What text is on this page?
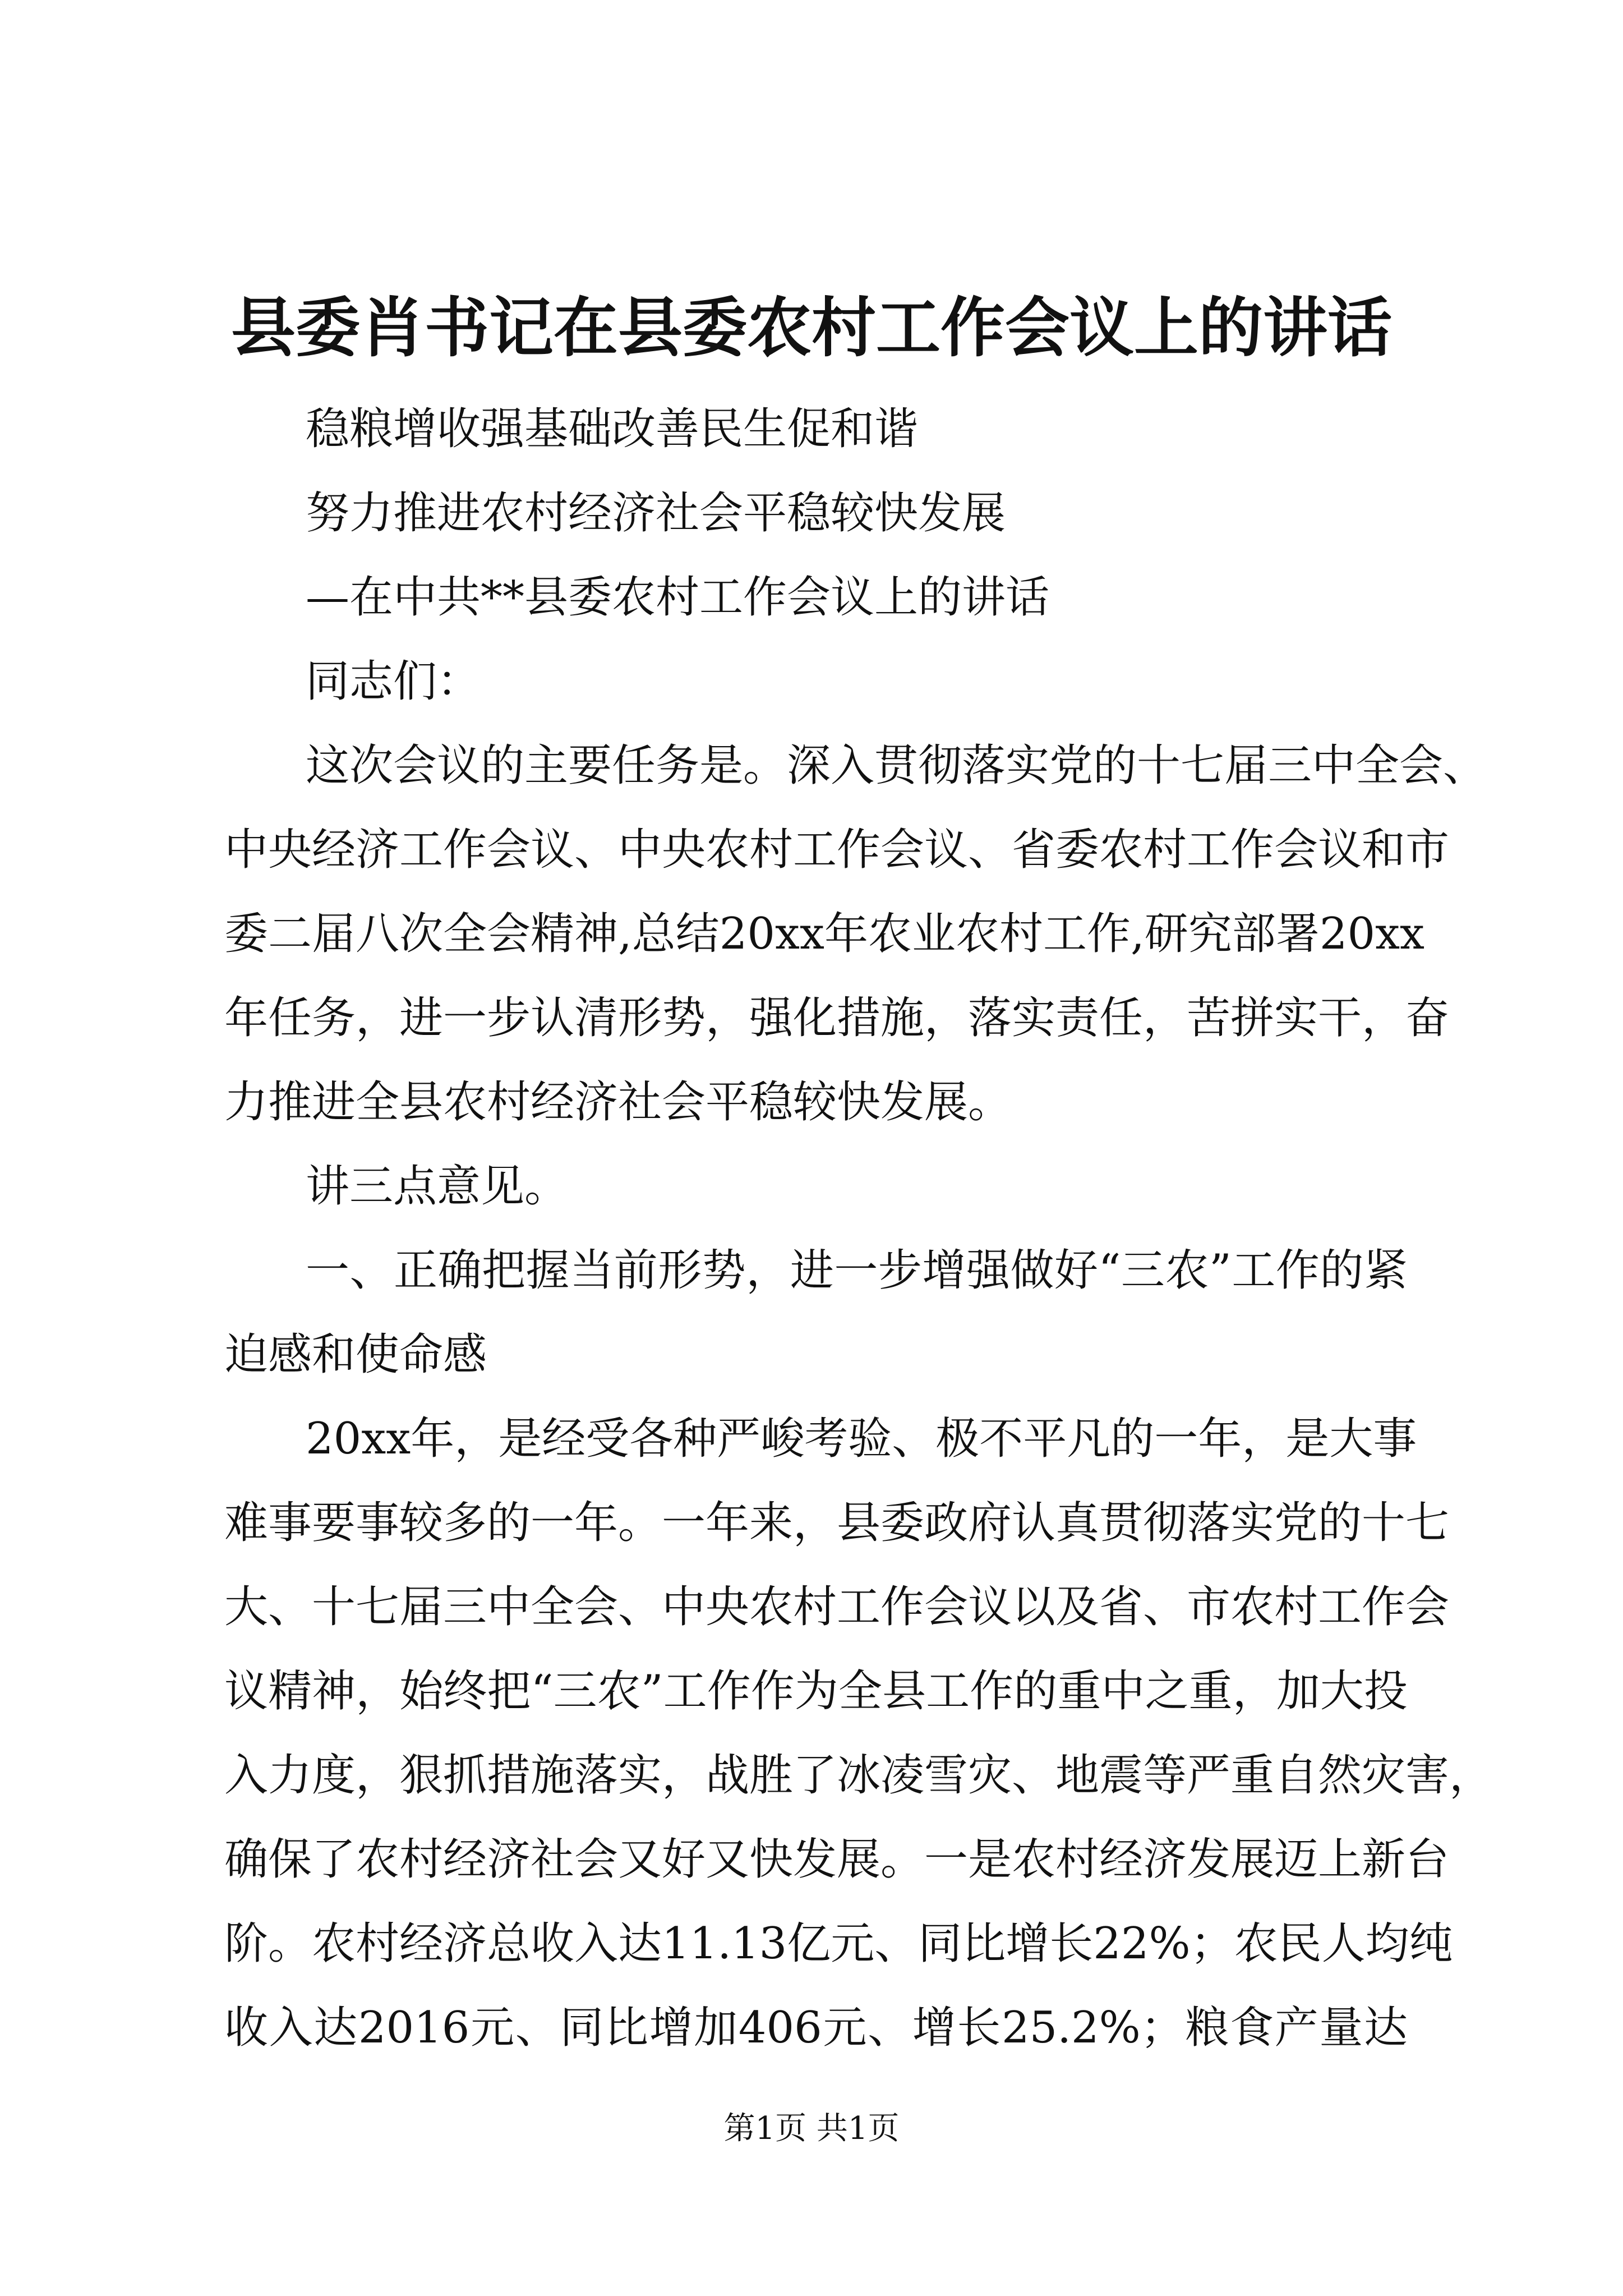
县委肖书记在县委农村工作会议上的讲话
稳粮增收强基础改善民生促和谐
努力推进农村经济社会平稳较快发展
—在中共**县委农村工作会议上的讲话
同志们：
这次会议的主要任务是。深入贯彻落实党的十七届三中全会、
中央经济工作会议、中央农村工作会议、省委农村工作会议和市
委二届八次全会精神,总结20xx年农业农村工作,研究部署20xx
年任务，进一步认清形势，强化措施，落实责任，苦拼实干，奋
力推进全县农村经济社会平稳较快发展。
讲三点意见。
一、正确把握当前形势，进一步增强做好“三农”工作的紧
迫感和使命感
20xx年，是经受各种严峻考验、极不平凡的一年，是大事
难事要事较多的一年。一年来，县委政府认真贯彻落实党的十七
大、十七届三中全会、中央农村工作会议以及省、市农村工作会
议精神，始终把“三农”工作作为全县工作的重中之重，加大投
入力度，狠抓措施落实，战胜了冰凌雪灾、地震等严重自然灾害，
确保了农村经济社会又好又快发展。一是农村经济发展迈上新台
阶。农村经济总收入达11.13亿元、同比增长22%；农民人均纯
收入达2016元、同比增加406元、增长25.2%；粮食产量达
第1页 共1页
